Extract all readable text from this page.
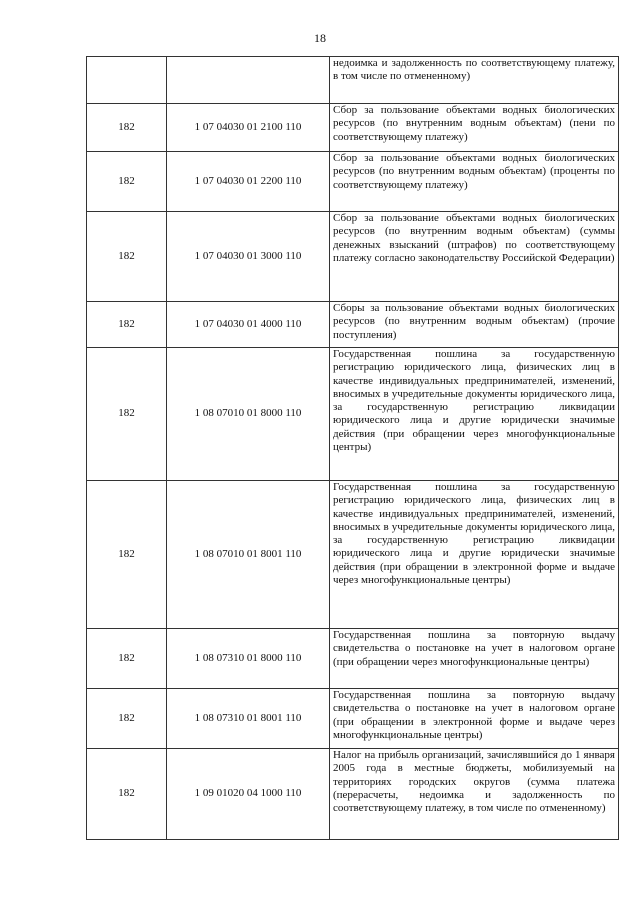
18
		недоимка и задолженность по соответствующему платежу, в том числе по отмененному)
182	1 07 04030 01 2100 110	Сбор за пользование объектами водных биологических ресурсов (по внутренним водным объектам) (пени по соответствующему платежу)
182	1 07 04030 01 2200 110	Сбор за пользование объектами водных биологических ресурсов (по внутренним водным объектам) (проценты по соответствующему платежу)
182	1 07 04030 01 3000 110	Сбор за пользование объектами водных биологических ресурсов (по внутренним водным объектам) (суммы денежных взысканий (штрафов) по соответствующему платежу согласно законодательству Российской Федерации)
182	1 07 04030 01 4000 110	Сборы за пользование объектами водных биологических ресурсов (по внутренним водным объектам) (прочие поступления)
182	1 08 07010 01 8000 110	Государственная пошлина за государственную регистрацию юридического лица, физических лиц в качестве индивидуальных предпринимателей, изменений, вносимых в учредительные документы юридического лица, за государственную регистрацию ликвидации юридического лица и другие юридически значимые действия (при обращении через многофункциональные центры)
182	1 08 07010 01 8001 110	Государственная пошлина за государственную регистрацию юридического лица, физических лиц в качестве индивидуальных предпринимателей, изменений, вносимых в учредительные документы юридического лица, за государственную регистрацию ликвидации юридического лица и другие юридически значимые действия (при обращении в электронной форме и выдаче через многофункциональные центры)
182	1 08 07310 01 8000 110	Государственная пошлина за повторную выдачу свидетельства о постановке на учет в налоговом органе (при обращении через многофункциональные центры)
182	1 08 07310 01 8001 110	Государственная пошлина за повторную выдачу свидетельства о постановке на учет в налоговом органе (при обращении в электронной форме и выдаче через многофункциональные центры)
182	1 09 01020 04 1000 110	Налог на прибыль организаций, зачислявшийся до 1 января 2005 года в местные бюджеты, мобилизуемый на территориях городских округов (сумма платежа (перерасчеты, недоимка и задолженность по соответствующему платежу, в том числе по отмененному)
